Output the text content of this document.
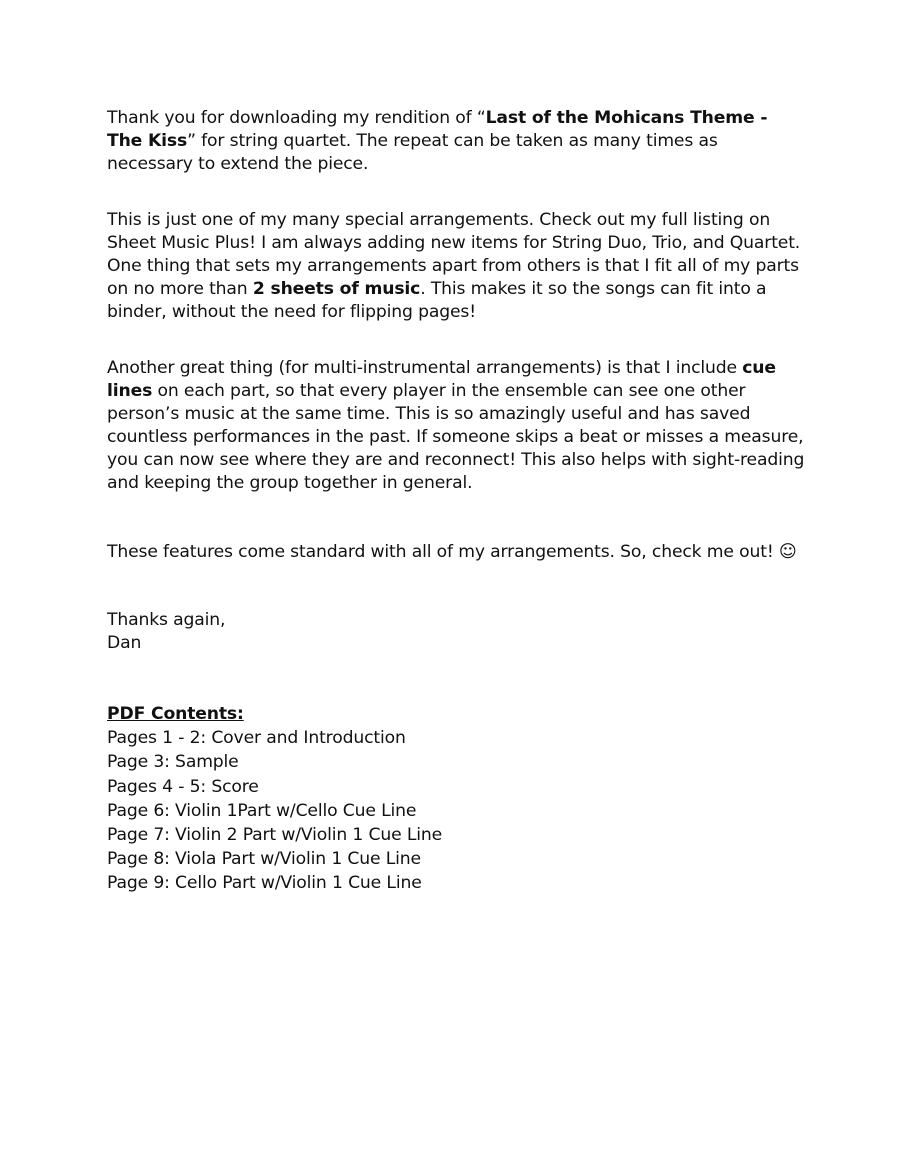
Thank you for downloading my rendition of “Last of the Mohicans Theme - The Kiss” for string quartet. The repeat can be taken as many times as necessary to extend the piece.

This is just one of my many special arrangements. Check out my full listing on Sheet Music Plus! I am always adding new items for String Duo, Trio, and Quartet. One thing that sets my arrangements apart from others is that I fit all of my parts on no more than 2 sheets of music. This makes it so the songs can fit into a binder, without the need for flipping pages!

Another great thing (for multi-instrumental arrangements) is that I include cue lines on each part, so that every player in the ensemble can see one other person’s music at the same time. This is so amazingly useful and has saved countless performances in the past. If someone skips a beat or misses a measure, you can now see where they are and reconnect! This also helps with sight-reading and keeping the group together in general.

These features come standard with all of my arrangements. So, check me out! ☺

Thanks again,
Dan
PDF Contents:
Pages 1 - 2: Cover and Introduction
Page 3: Sample
Pages 4 - 5: Score
Page 6: Violin 1Part w/Cello Cue Line
Page 7: Violin 2 Part w/Violin 1 Cue Line
Page 8: Viola Part w/Violin 1 Cue Line
Page 9: Cello Part w/Violin 1 Cue Line
